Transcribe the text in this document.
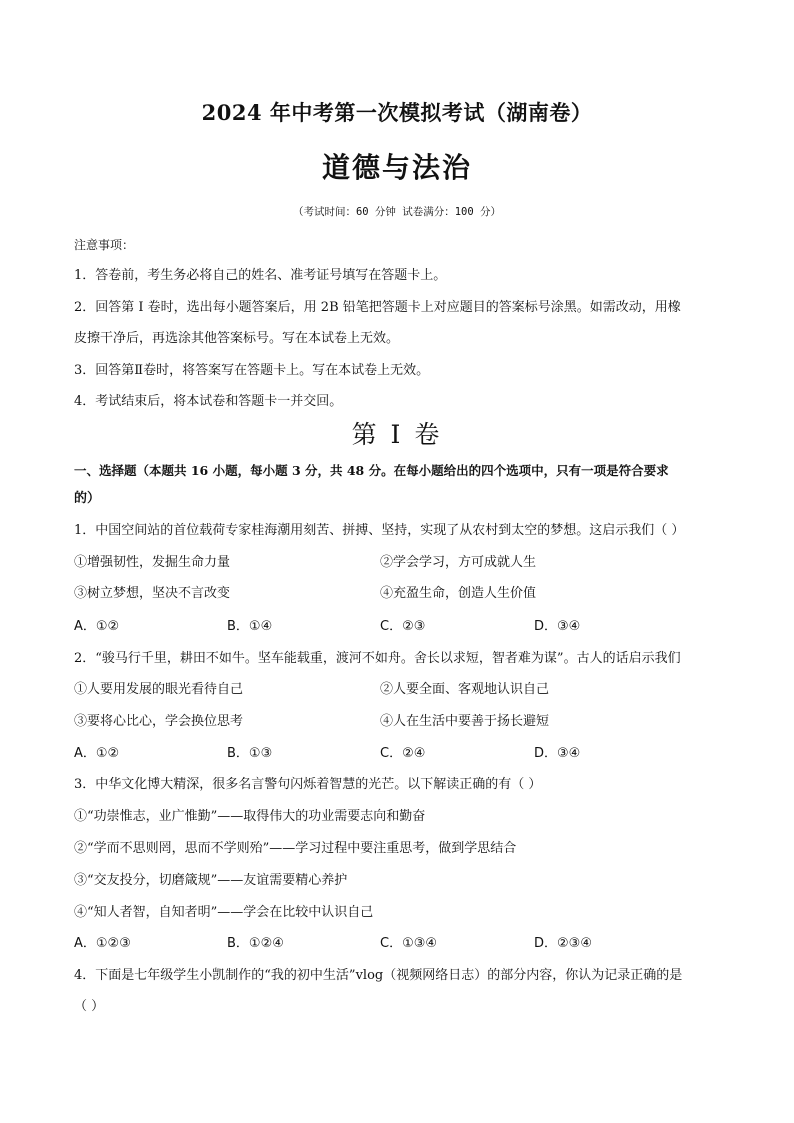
2024 年中考第一次模拟考试（湖南卷）
道德与法治
（考试时间：60 分钟 试卷满分：100 分）
注意事项：
1．答卷前，考生务必将自己的姓名、准考证号填写在答题卡上。
2．回答第 I 卷时，选出每小题答案后，用 2B 铅笔把答题卡上对应题目的答案标号涂黑。如需改动，用橡
皮擦干净后，再选涂其他答案标号。写在本试卷上无效。
3．回答第Ⅱ卷时，将答案写在答题卡上。写在本试卷上无效。
4．考试结束后，将本试卷和答题卡一并交回。
第 I 卷
一、选择题（本题共 16 小题，每小题 3 分，共 48 分。在每小题给出的四个选项中，只有一项是符合要求
的）
1．中国空间站的首位载荷专家桂海潮用刻苦、拼搏、坚持，实现了从农村到太空的梦想。这启示我们（ ）
①增强韧性，发掘生命力量	②学会学习，方可成就人生
③树立梦想，坚决不言改变	④充盈生命，创造人生价值
A．①②	B．①④	C．②③	D．③④
2．“骏马行千里，耕田不如牛。坚车能载重，渡河不如舟。舍长以求短，智者难为谋”。古人的话启示我们
①人要用发展的眼光看待自己	②人要全面、客观地认识自己
③要将心比心，学会换位思考	④人在生活中要善于扬长避短
A．①②	B．①③	C．②④	D．③④
3．中华文化博大精深，很多名言警句闪烁着智慧的光芒。以下解读正确的有（ ）
①“功崇惟志，业广惟勤”——取得伟大的功业需要志向和勤奋
②“学而不思则罔，思而不学则殆”——学习过程中要注重思考，做到学思结合
③“交友投分，切磨箴规”——友谊需要精心养护
④“知人者智，自知者明”——学会在比较中认识自己
A．①②③	B．①②④	C．①③④	D．②③④
4．下面是七年级学生小凯制作的“我的初中生活”vlog（视频网络日志）的部分内容，你认为记录正确的是
（ ）
